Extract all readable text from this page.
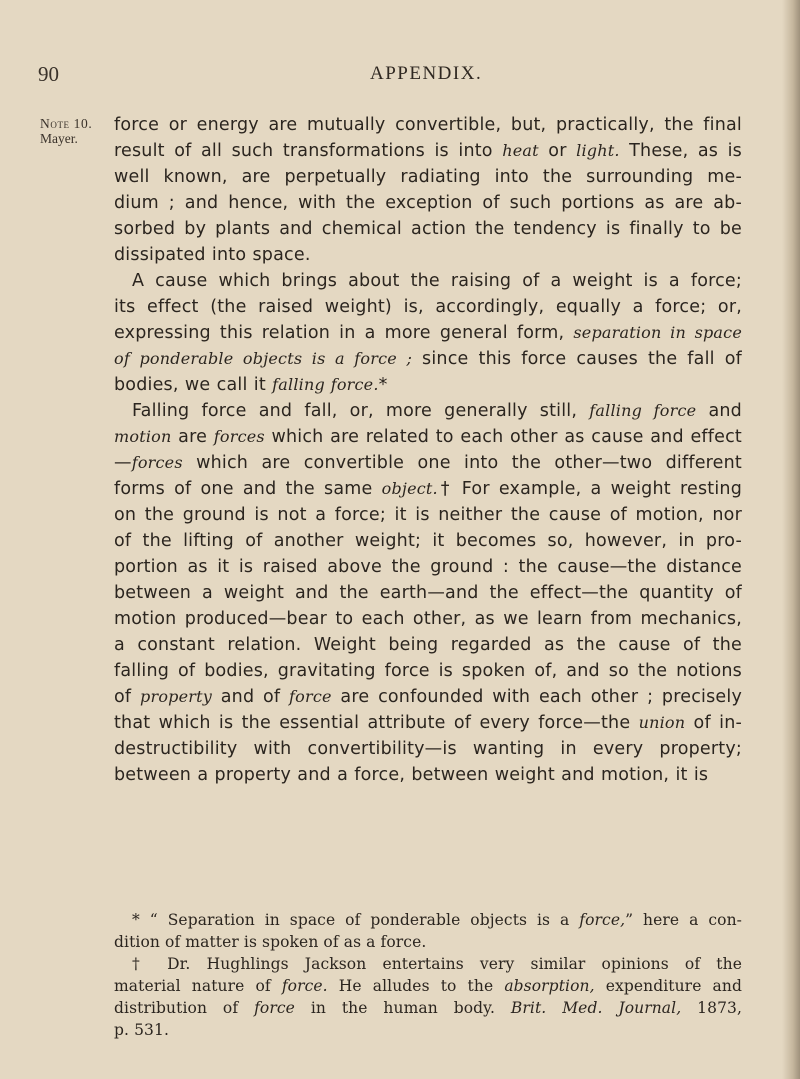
90	APPENDIX.
Note 10.
Mayer.
force or energy are mutually convertible, but, practically, the final
result of all such transformations is into heat or light. These, as is
well known, are perpetually radiating into the surrounding me-
dium ; and hence, with the exception of such portions as are ab-
sorbed by plants and chemical action the tendency is finally to be
dissipated into space.
A cause which brings about the raising of a weight is a force;
its effect (the raised weight) is, accordingly, equally a force; or,
expressing this relation in a more general form, separation in space
of ponderable objects is a force ; since this force causes the fall of
bodies, we call it falling force.*
Falling force and fall, or, more generally still, falling force and
motion are forces which are related to each other as cause and effect
—forces which are convertible one into the other—two different
forms of one and the same object.† For example, a weight resting
on the ground is not a force; it is neither the cause of motion, nor
of the lifting of another weight; it becomes so, however, in pro-
portion as it is raised above the ground : the cause—the distance
between a weight and the earth—and the effect—the quantity of
motion produced—bear to each other, as we learn from mechanics,
a constant relation. Weight being regarded as the cause of the
falling of bodies, gravitating force is spoken of, and so the notions
of property and of force are confounded with each other ; precisely
that which is the essential attribute of every force—the union of in-
destructibility with convertibility—is wanting in every property;
between a property and a force, between weight and motion, it is
* “ Separation in space of ponderable objects is a force,” here a con-
dition of matter is spoken of as a force.
† Dr. Hughlings Jackson entertains very similar opinions of the
material nature of force. He alludes to the absorption, expenditure and
distribution of force in the human body. Brit. Med. Journal, 1873,
p. 531.
